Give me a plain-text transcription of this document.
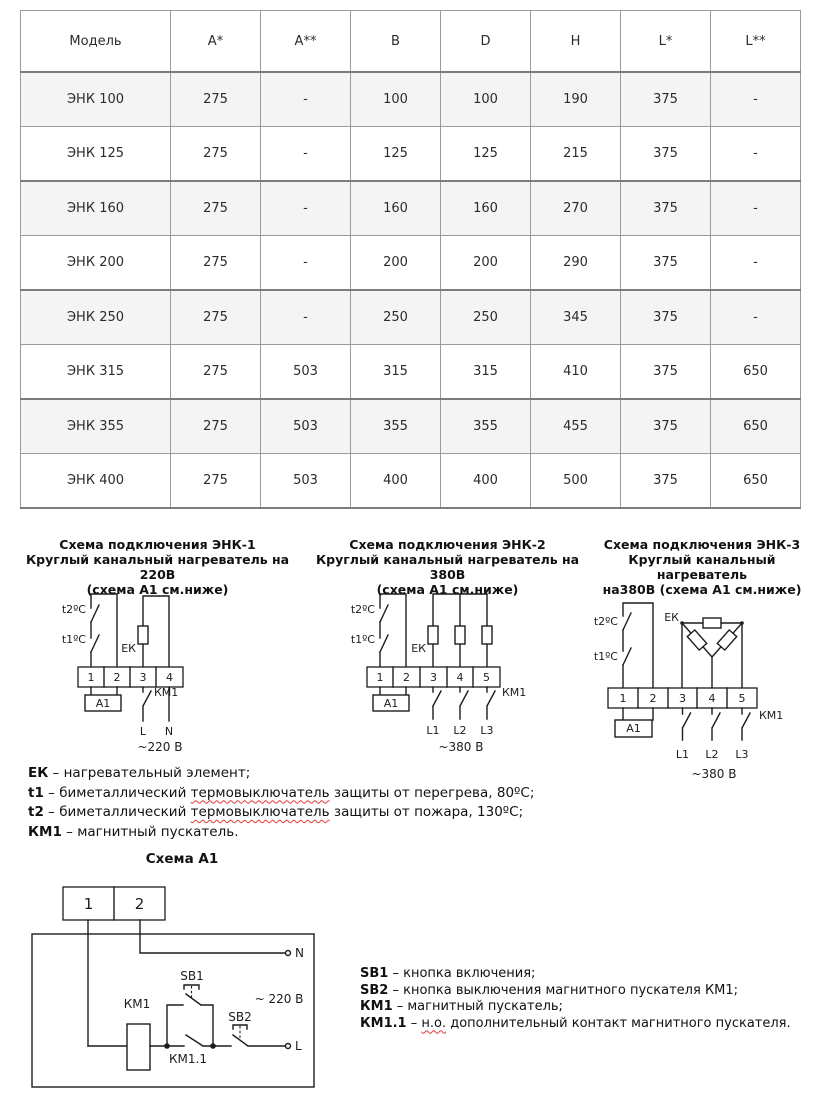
Модель	A*	A**	B	D	H	L*	L**
ЭНК 100	275	-	100	100	190	375	-
ЭНК 125	275	-	125	125	215	375	-
ЭНК 160	275	-	160	160	270	375	-
ЭНК 200	275	-	200	200	290	375	-
ЭНК 250	275	-	250	250	345	375	-
ЭНК 315	275	503	315	315	410	375	650
ЭНК 355	275	503	355	355	455	375	650
ЭНК 400	275	503	400	400	500	375	650
Схема подключения ЭНК-1
Круглый канальный нагреватель на 220В
(схема А1 см.ниже)
Схема подключения ЭНК-2
Круглый канальный нагреватель на 380В
(схема А1 см.ниже)
Схема подключения ЭНК-3
Круглый канальный нагреватель
на380В (схема А1 см.ниже)
t2ºC
t1ºC
ЕК
1 2 3 4
А1
КМ1
L N
~220 В
t2ºC
t1ºC
ЕК
1 2 3 4 5
А1
КМ1
L1 L2 L3
~380 В
t2ºC
t1ºC
ЕК
1 2 3 4 5
А1
КМ1
L1 L2 L3
~380 В
ЕК – нагревательный элемент;
t1 – биметаллический термовыключатель защиты от перегрева, 80ºС;
t2 – биметаллический термовыключатель защиты от пожара, 130ºС;
КМ1 – магнитный пускатель.
Схема А1
1	2
N
L
КМ1
КМ1.1
SB1
SB2
~ 220 В
SB1 – кнопка включения;
SB2 – кнопка выключения магнитного пускателя КМ1;
КМ1 – магнитный пускатель;
КМ1.1 – н.о. дополнительный контакт магнитного пускателя.
